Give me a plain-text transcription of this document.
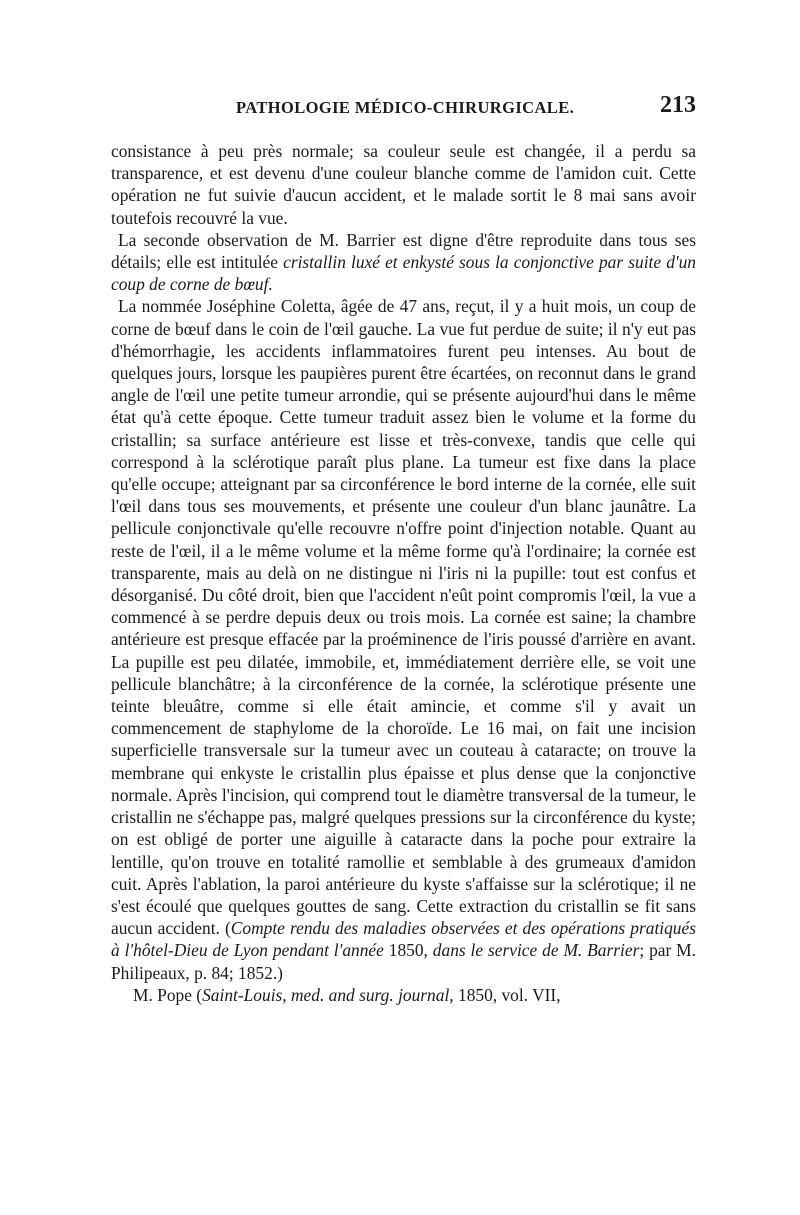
PATHOLOGIE MÉDICO-CHIRURGICALE.	213

consistance à peu près normale; sa couleur seule est changée, il a perdu sa transparence, et est devenu d'une couleur blanche comme de l'amidon cuit. Cette opération ne fut suivie d'aucun accident, et le malade sortit le 8 mai sans avoir toutefois recouvré la vue.

La seconde observation de M. Barrier est digne d'être reproduite dans tous ses détails; elle est intitulée cristallin luxé et enkysté sous la conjonctive par suite d'un coup de corne de bœuf.

La nommée Joséphine Coletta, âgée de 47 ans, reçut, il y a huit mois, un coup de corne de bœuf dans le coin de l'œil gauche. La vue fut perdue de suite; il n'y eut pas d'hémorrhagie, les accidents inflammatoires furent peu intenses. Au bout de quelques jours, lorsque les paupières purent être écartées, on reconnut dans le grand angle de l'œil une petite tumeur arrondie, qui se présente aujourd'hui dans le même état qu'à cette époque. Cette tumeur traduit assez bien le volume et la forme du cristallin; sa surface antérieure est lisse et très-convexe, tandis que celle qui correspond à la sclérotique paraît plus plane. La tumeur est fixe dans la place qu'elle occupe; atteignant par sa circonférence le bord interne de la cornée, elle suit l'œil dans tous ses mouvements, et présente une couleur d'un blanc jaunâtre. La pellicule conjonctivale qu'elle recouvre n'offre point d'injection notable. Quant au reste de l'œil, il a le même volume et la même forme qu'à l'ordinaire; la cornée est transparente, mais au delà on ne distingue ni l'iris ni la pupille: tout est confus et désorganisé. Du côté droit, bien que l'accident n'eût point compromis l'œil, la vue a commencé à se perdre depuis deux ou trois mois. La cornée est saine; la chambre antérieure est presque effacée par la proéminence de l'iris poussé d'arrière en avant. La pupille est peu dilatée, immobile, et, immédiatement derrière elle, se voit une pellicule blanchâtre; à la circonférence de la cornée, la sclérotique présente une teinte bleuâtre, comme si elle était amincie, et comme s'il y avait un commencement de staphylome de la choroïde. Le 16 mai, on fait une incision superficielle transversale sur la tumeur avec un couteau à cataracte; on trouve la membrane qui enkyste le cristallin plus épaisse et plus dense que la conjonctive normale. Après l'incision, qui comprend tout le diamètre transversal de la tumeur, le cristallin ne s'échappe pas, malgré quelques pressions sur la circonférence du kyste; on est obligé de porter une aiguille à cataracte dans la poche pour extraire la lentille, qu'on trouve en totalité ramollie et semblable à des grumeaux d'amidon cuit. Après l'ablation, la paroi antérieure du kyste s'affaisse sur la sclérotique; il ne s'est écoulé que quelques gouttes de sang. Cette extraction du cristallin se fit sans aucun accident. (Compte rendu des maladies observées et des opérations pratiqués à l'hôtel-Dieu de Lyon pendant l'année 1850, dans le service de M. Barrier; par M. Philipeaux, p. 84; 1852.)

M. Pope (Saint-Louis, med. and surg. journal, 1850, vol. VII,
